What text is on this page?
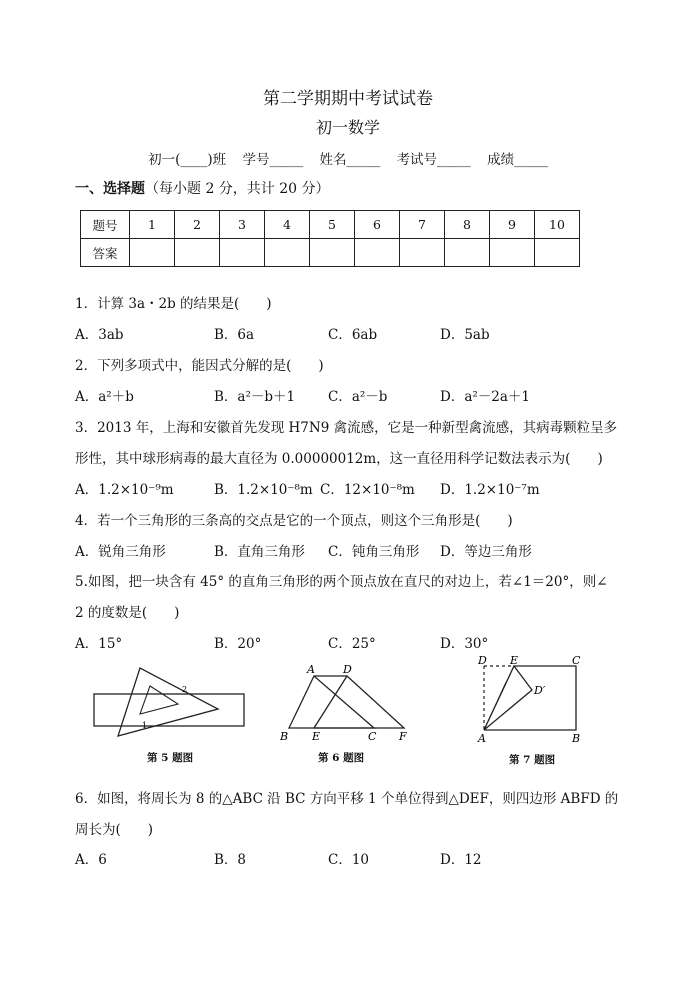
第二学期期中考试试卷
初一数学
初一(____)班 学号_____ 姓名_____ 考试号_____ 成绩_____
一、选择题（每小题 2 分，共计 20 分）
题号	1	2	3	4	5	6	7	8	9	10
答案										
1．计算 3a・2b 的结果是(　　)
A．3ab	B．6a	C．6ab	D．5ab
2．下列多项式中，能因式分解的是(　　)
A．a²＋b	B．a²－b＋1 C．a²－b	D．a²－2a＋1
3．2013 年，上海和安徽首先发现 H7N9 禽流感，它是一种新型禽流感，其病毒颗粒呈多
形性，其中球形病毒的最大直径为 0.00000012m，这一直径用科学记数法表示为(　　)
A．1.2×10⁻⁹m	B．1.2×10⁻⁸m C．12×10⁻⁸m D．1.2×10⁻⁷m
4．若一个三角形的三条高的交点是它的一个顶点，则这个三角形是(　　)
A．锐角三角形	B．直角三角形 C．钝角三角形 D．等边三角形
5.如图，把一块含有 45° 的直角三角形的两个顶点放在直尺的对边上，若∠1＝20°，则∠
2 的度数是(　　)
A．15°	B．20°	C．25°	D．30°
1
2
第 5 题图
A	D
B E	C F
第 6 题图
D E	C
D′
A	B
第 7 题图
6．如图，将周长为 8 的△ABC 沿 BC 方向平移 1 个单位得到△DEF，则四边形 ABFD 的
周长为(　　)
A．6	B．8	C．10	D．12
